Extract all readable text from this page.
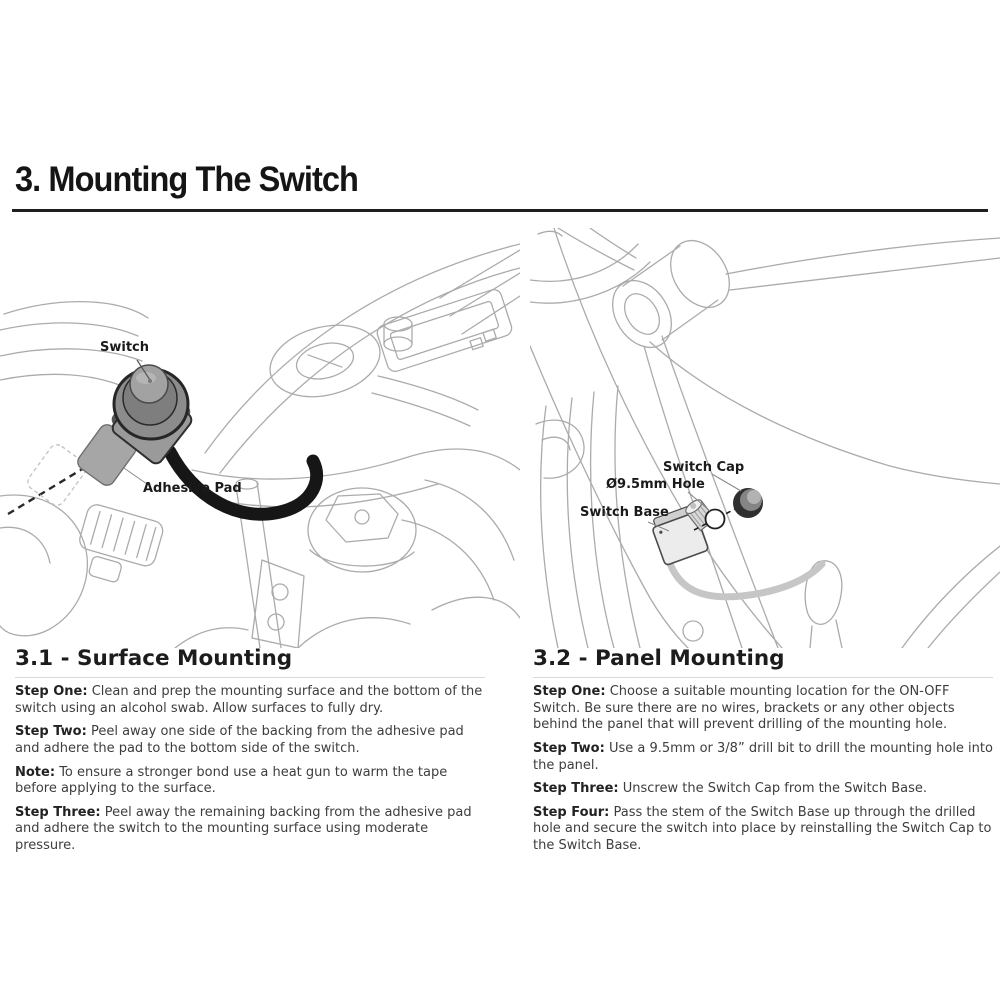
3. Mounting The Switch
Switch
Adhesive Pad
Switch Cap
Ø9.5mm Hole
Switch Base
3.1 - Surface Mounting

Step One: Clean and prep the mounting surface and the bottom of the switch using an alcohol swab. Allow surfaces to fully dry.

Step Two: Peel away one side of the backing from the adhesive pad and adhere the pad to the bottom side of the switch.

Note: To ensure a stronger bond use a heat gun to warm the tape before applying to the surface.

Step Three: Peel away the remaining backing from the adhesive pad and adhere the switch to the mounting surface using moderate pressure.

3.2 - Panel Mounting

Step One: Choose a suitable mounting location for the ON-OFF Switch. Be sure there are no wires, brackets or any other objects behind the panel that will prevent drilling of the mounting hole.

Step Two: Use a 9.5mm or 3/8” drill bit to drill the mounting hole into the panel.

Step Three: Unscrew the Switch Cap from the Switch Base.

Step Four: Pass the stem of the Switch Base up through the drilled hole and secure the switch into place by reinstalling the Switch Cap to the Switch Base.
